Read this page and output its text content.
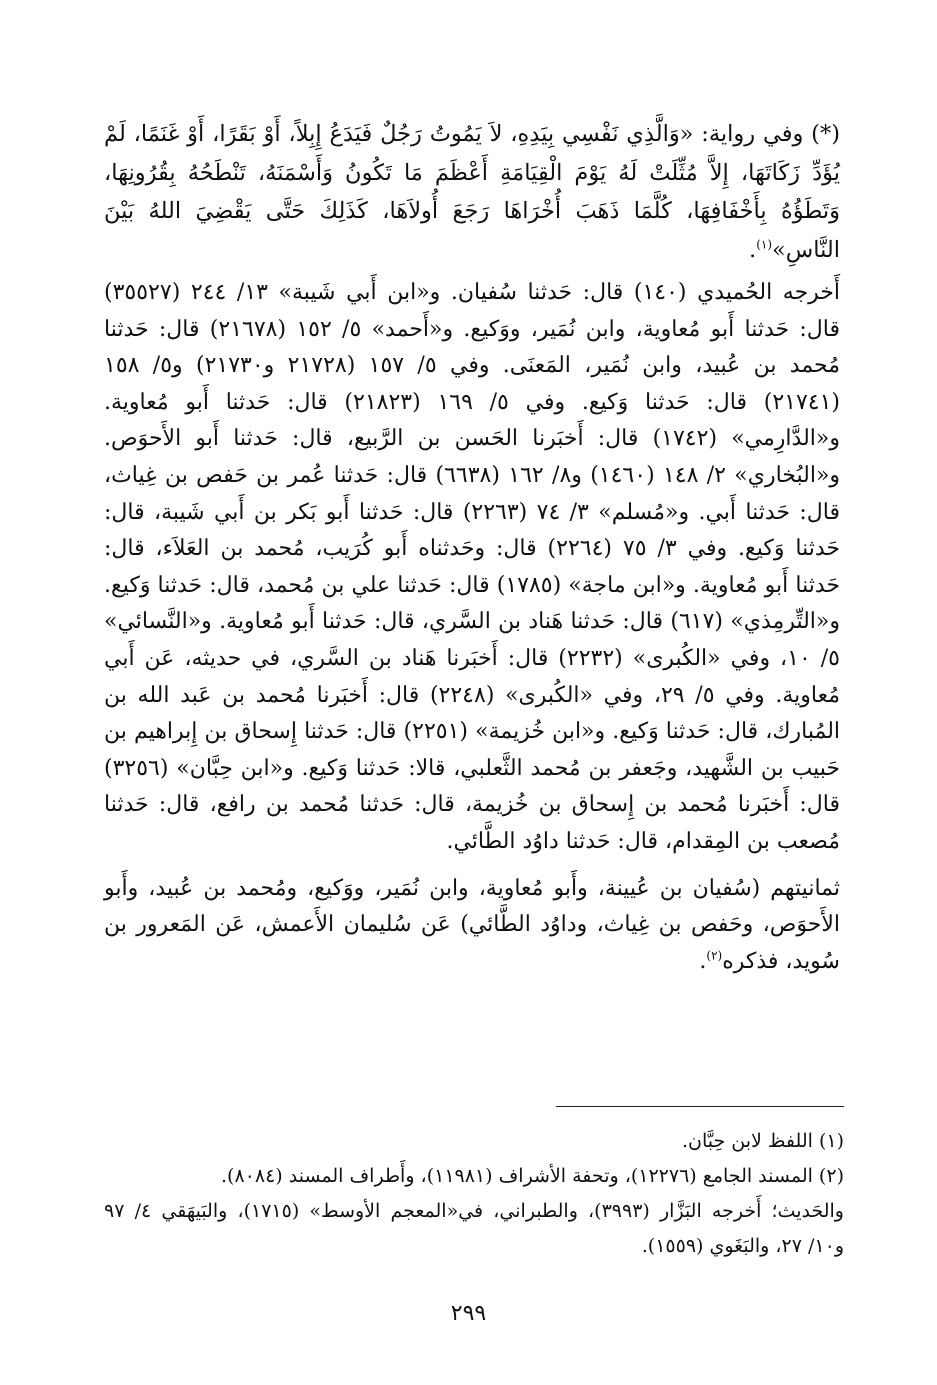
(*) وفي رواية: «وَالَّذِي نَفْسِي بِيَدِهِ، لاَ يَمُوتُ رَجُلٌ فَيَدَعُ إِبِلاً، أَوْ بَقَرًا، أَوْ غَنَمًا، لَمْ يُؤَدِّ زَكَاتَهَا، إِلاَّ مُثِّلَتْ لَهُ يَوْمَ الْقِيَامَةِ أَعْظَمَ مَا تَكُونُ وَأَسْمَنَهُ، تَنْطَحُهُ بِقُرُونِهَا، وَتَطَؤُهُ بِأَخْفَافِهَا، كُلَّمَا ذَهَبَ أُخْرَاهَا رَجَعَ أُولاَهَا، كَذَلِكَ حَتَّى يَقْضِيَ اللهُ بَيْنَ النَّاسِ»$^{(١)}$.

أَخرجه الحُميدي (١٤٠) قال: حَدثنا سُفيان. و«ابن أَبي شَيبة» ١٣/ ٢٤٤ (٣٥٥٢٧) قال: حَدثنا أَبو مُعاوية، وابن نُمَير، ووَكيع. و«أَحمد» ٥/ ١٥٢ (٢١٦٧٨) قال: حَدثنا مُحمد بن عُبيد، وابن نُمَير، المَعنَى. وفي ٥/ ١٥٧ (٢١٧٢٨ و٢١٧٣٠) و٥/ ١٥٨ (٢١٧٤١) قال: حَدثنا وَكيع. وفي ٥/ ١٦٩ (٢١٨٢٣) قال: حَدثنا أَبو مُعاوية. و«الدَّارِمي» (١٧٤٢) قال: أَخبَرنا الحَسن بن الرَّبيع، قال: حَدثنا أَبو الأَحوَص. و«البُخاري» ٢/ ١٤٨ (١٤٦٠) و٨/ ١٦٢ (٦٦٣٨) قال: حَدثنا عُمر بن حَفص بن غِياث، قال: حَدثنا أَبي. و«مُسلم» ٣/ ٧٤ (٢٢٦٣) قال: حَدثنا أَبو بَكر بن أَبي شَيبة، قال: حَدثنا وَكيع. وفي ٣/ ٧٥ (٢٢٦٤) قال: وحَدثناه أَبو كُرَيب، مُحمد بن العَلاَء، قال: حَدثنا أَبو مُعاوية. و«ابن ماجة» (١٧٨٥) قال: حَدثنا علي بن مُحمد، قال: حَدثنا وَكيع. و«التِّرمِذي» (٦١٧) قال: حَدثنا هَناد بن السَّري، قال: حَدثنا أَبو مُعاوية. و«النَّسائي» ٥/ ١٠، وفي «الكُبرى» (٢٢٣٢) قال: أَخبَرنا هَناد بن السَّري، في حديثه، عَن أَبي مُعاوية. وفي ٥/ ٢٩، وفي «الكُبرى» (٢٢٤٨) قال: أَخبَرنا مُحمد بن عَبد الله بن المُبارك، قال: حَدثنا وَكيع. و«ابن خُزيمة» (٢٢٥١) قال: حَدثنا إِسحاق بن إِبراهيم بن حَبيب بن الشَّهيد، وجَعفر بن مُحمد الثَّعلبي، قالا: حَدثنا وَكيع. و«ابن حِبَّان» (٣٢٥٦) قال: أَخبَرنا مُحمد بن إِسحاق بن خُزيمة، قال: حَدثنا مُحمد بن رافع، قال: حَدثنا مُصعب بن المِقدام، قال: حَدثنا داوُد الطَّائي.

ثمانيتهم (سُفيان بن عُيينة، وأَبو مُعاوية، وابن نُمَير، ووَكيع، ومُحمد بن عُبيد، وأَبو الأَحوَص، وحَفص بن غِياث، وداوُد الطَّائي) عَن سُليمان الأَعمش، عَن المَعرور بن سُويد، فذكره$^{(٢)}$.

(١) اللفظ لابن حِبَّان.

(٢) المسند الجامع (١٢٢٧٦)، وتحفة الأشراف (١١٩٨١)، وأَطراف المسند (٨٠٨٤).

والحَديث؛ أَخرجه البَزَّار (٣٩٩٣)، والطبراني، في«المعجم الأوسط» (١٧١٥)، والبَيهَقي ٤/ ٩٧ و١٠/ ٢٧، والبَغَوي (١٥٥٩).

٢٩٩
